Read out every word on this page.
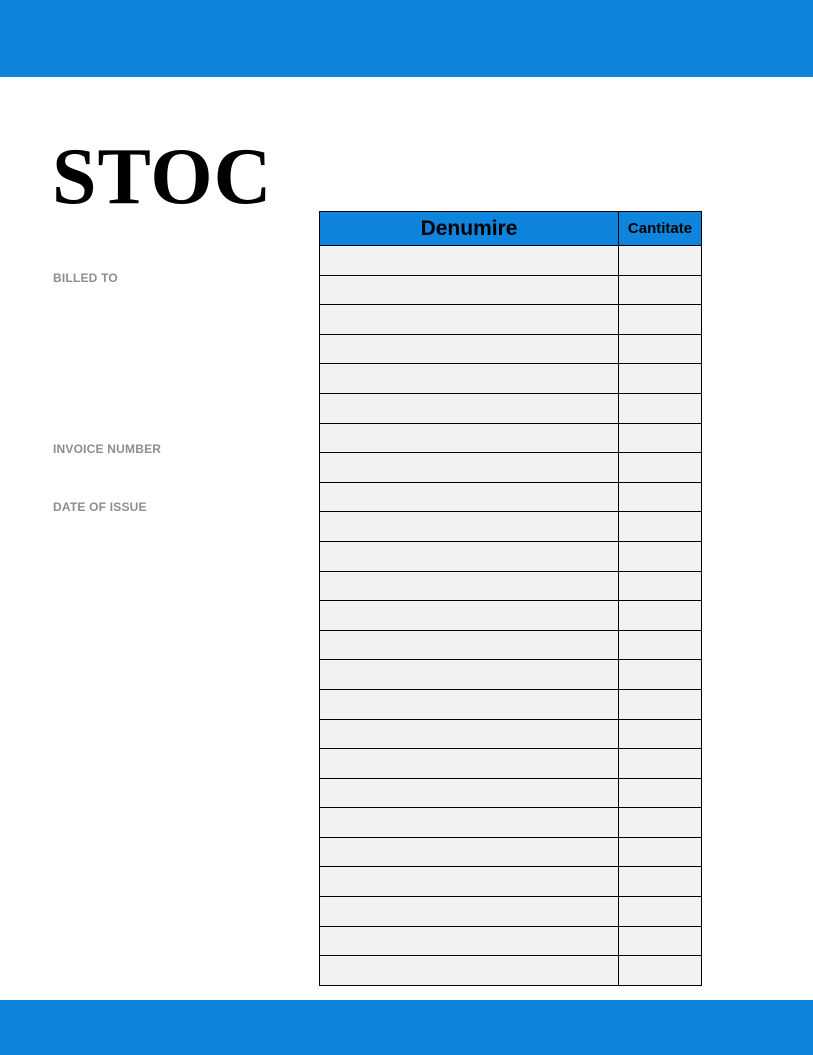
STOC
BILLED TO
INVOICE NUMBER
DATE OF ISSUE
Denumire	Cantitate
